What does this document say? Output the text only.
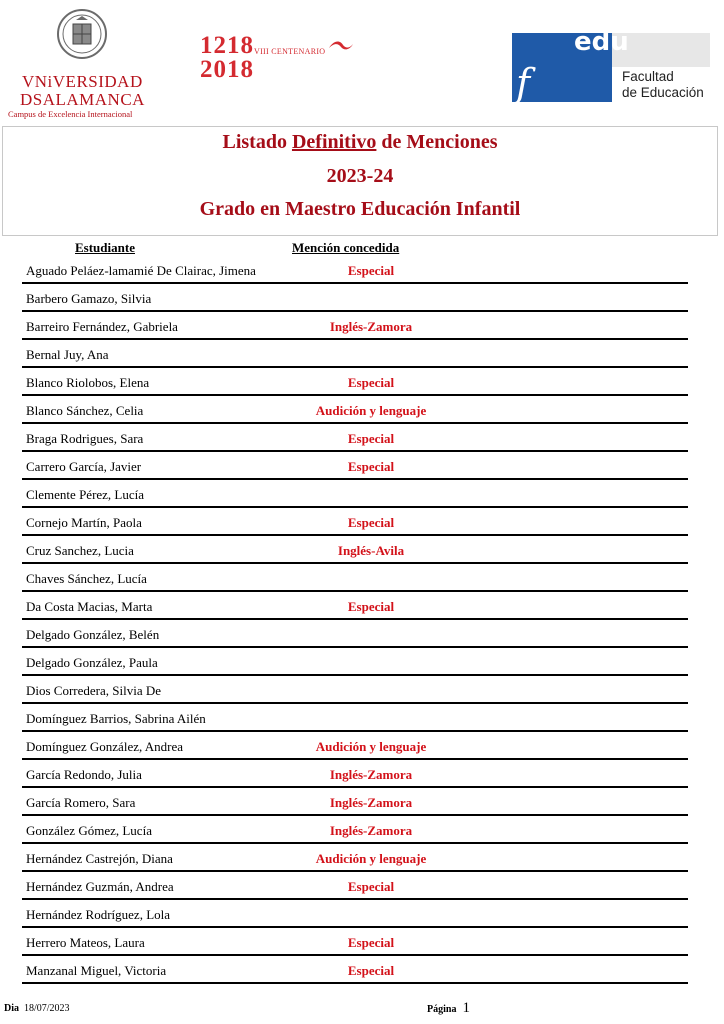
VNiVERSIDAD
DSALAMANCA
Campus de Excelencia Internacional
1218
2018
VIII CENTENARIO
f
edu
Facultad
de Educación
Listado Definitivo de Menciones
2023-24
Grado en Maestro Educación Infantil
Estudiante	Mención concedida
Aguado Peláez-lamamié De Clairac, Jimena	Especial
Barbero Gamazo, Silvia
Barreiro Fernández, Gabriela	Inglés-Zamora
Bernal Juy, Ana
Blanco Riolobos, Elena	Especial
Blanco Sánchez, Celia	Audición y lenguaje
Braga Rodrigues, Sara	Especial
Carrero García, Javier	Especial
Clemente Pérez, Lucía
Cornejo Martín, Paola	Especial
Cruz Sanchez, Lucia	Inglés-Avila
Chaves Sánchez, Lucía
Da Costa Macias, Marta	Especial
Delgado González, Belén
Delgado González, Paula
Dios Corredera, Silvia De
Domínguez Barrios, Sabrina Ailén
Domínguez González, Andrea	Audición y lenguaje
García Redondo, Julia	Inglés-Zamora
García Romero, Sara	Inglés-Zamora
González Gómez, Lucía	Inglés-Zamora
Hernández Castrejón, Diana	Audición y lenguaje
Hernández Guzmán, Andrea	Especial
Hernández Rodríguez, Lola
Herrero Mateos, Laura	Especial
Manzanal Miguel, Victoria	Especial
Dia 18/07/2023	Página 1
